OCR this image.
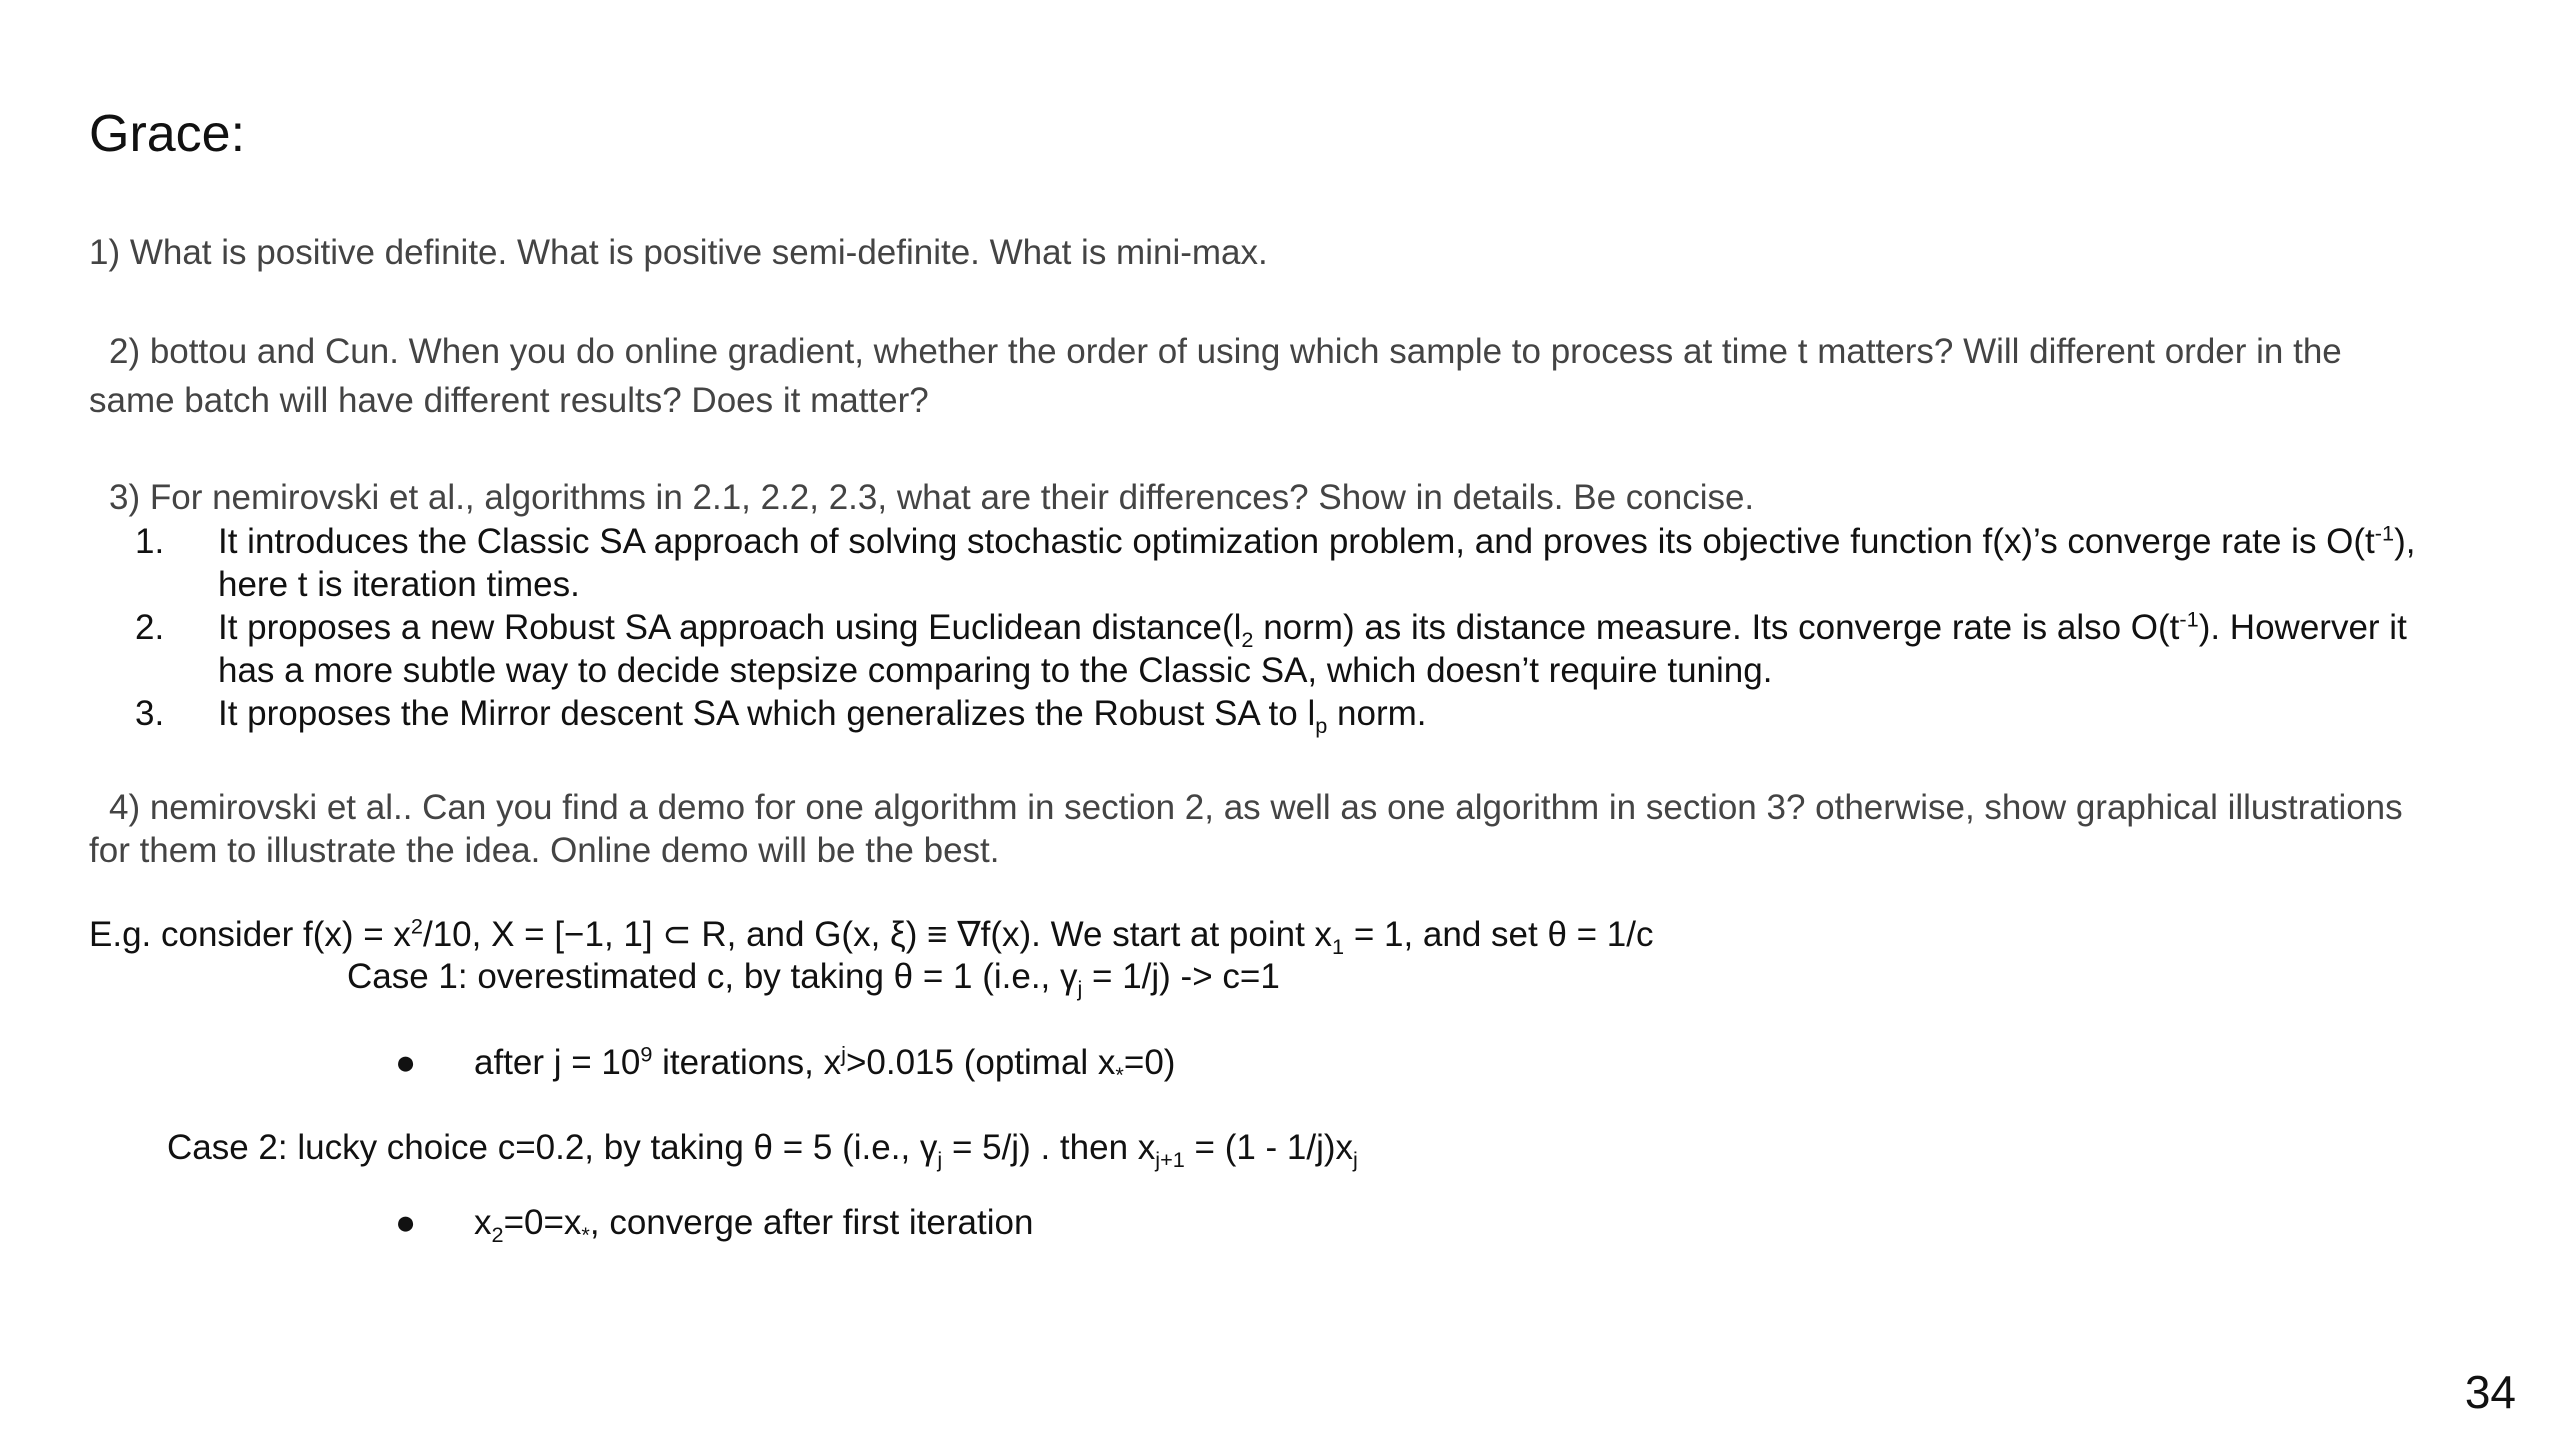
Grace:
1) What is positive definite. What is positive semi-definite. What is mini-max.
2) bottou and Cun. When you do online gradient, whether the order of using which sample to process at time t matters? Will different order in the same batch will have different results? Does it matter?
3) For nemirovski et al., algorithms in 2.1, 2.2, 2.3, what are their differences? Show in details. Be concise.
1. It introduces the Classic SA approach of solving stochastic optimization problem, and proves its objective function f(x)’s converge rate is $O(t^{-1})$, here t is iteration times.
2. It proposes a new Robust SA approach using Euclidean $distance(l_2$ norm) as its distance measure. Its converge rate is also $O(t^{-1})$. Howerver it has a more subtle way to decide stepsize comparing to the Classic SA, which doesn’t require tuning.
3. It proposes the Mirror descent SA which generalizes the Robust SA to $l_p$ norm.
4) nemirovski et al.. Can you find a demo for one algorithm in section 2, as well as one algorithm in section 3? otherwise, show graphical illustrations for them to illustrate the idea. Online demo will be the best.
E.g. consider $f(x) = x^2/10$, X = [−1, 1] ⊂ R, and G(x, ξ) ≡ ∇f(x). We start at point $x_1 = 1$, and set θ = 1/c
Case 1: overestimated c, by taking θ = 1 (i.e., $\gamma_j = 1/j) -> c=1$
● after $j = 10^9$ iterations, $x^j>0.015$ (optimal $x_*=0$)
Case 2: lucky choice c=0.2, by taking θ = 5 (i.e., $\gamma_j = 5/j$) . then $x_{j+1} = (1 - 1/j)x_j$
● $x_2=0=x_*$, converge after first iteration
34
